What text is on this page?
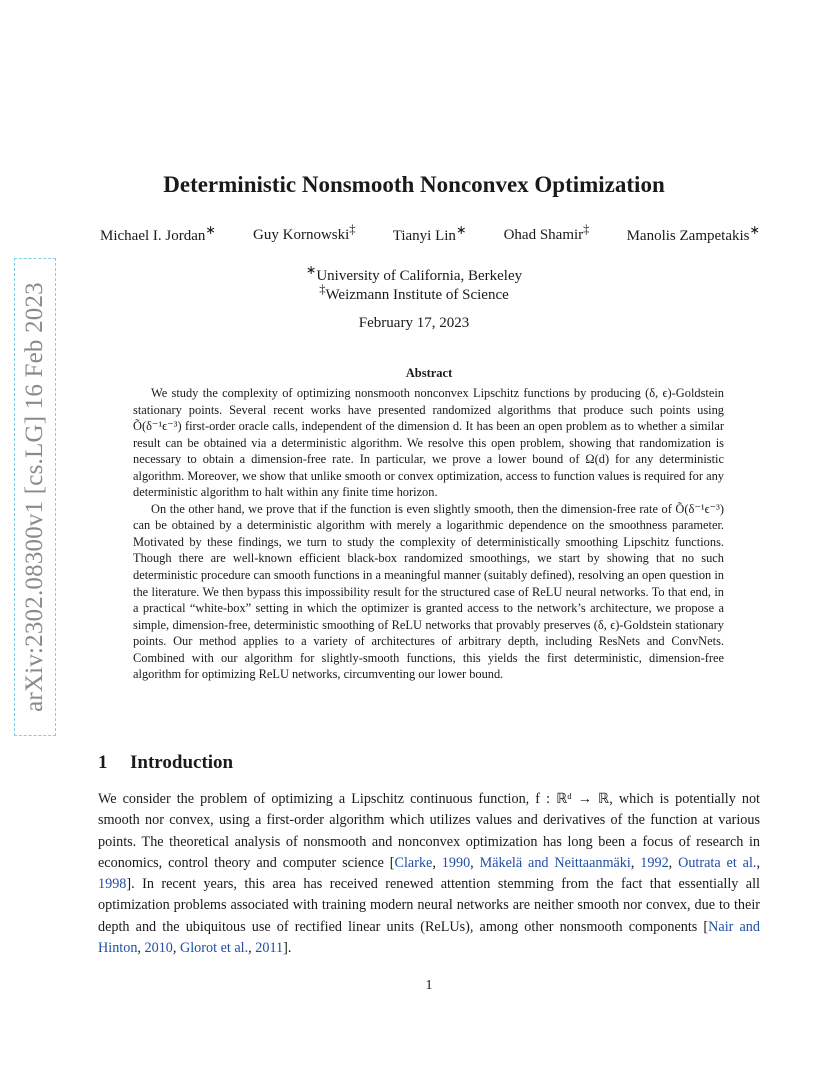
arXiv:2302.08300v1 [cs.LG] 16 Feb 2023
Deterministic Nonsmooth Nonconvex Optimization
Michael I. Jordan∗ Guy Kornowski‡ Tianyi Lin∗ Ohad Shamir‡ Manolis Zampetakis∗
∗University of California, Berkeley
‡Weizmann Institute of Science
February 17, 2023
Abstract

We study the complexity of optimizing nonsmooth nonconvex Lipschitz functions by producing (δ, ϵ)-Goldstein stationary points. Several recent works have presented randomized algorithms that produce such points using Õ(δ⁻¹ϵ⁻³) first-order oracle calls, independent of the dimension d. It has been an open problem as to whether a similar result can be obtained via a deterministic algorithm. We resolve this open problem, showing that randomization is necessary to obtain a dimension-free rate. In particular, we prove a lower bound of Ω(d) for any deterministic algorithm. Moreover, we show that unlike smooth or convex optimization, access to function values is required for any deterministic algorithm to halt within any finite time horizon.

On the other hand, we prove that if the function is even slightly smooth, then the dimension-free rate of Õ(δ⁻¹ϵ⁻³) can be obtained by a deterministic algorithm with merely a logarithmic dependence on the smoothness parameter. Motivated by these findings, we turn to study the complexity of deterministically smoothing Lipschitz functions. Though there are well-known efficient black-box randomized smoothings, we start by showing that no such deterministic procedure can smooth functions in a meaningful manner (suitably defined), resolving an open question in the literature. We then bypass this impossibility result for the structured case of ReLU neural networks. To that end, in a practical “white-box” setting in which the optimizer is granted access to the network’s architecture, we propose a simple, dimension-free, deterministic smoothing of ReLU networks that provably preserves (δ, ϵ)-Goldstein stationary points. Our method applies to a variety of architectures of arbitrary depth, including ResNets and ConvNets. Combined with our algorithm for slightly-smooth functions, this yields the first deterministic, dimension-free algorithm for optimizing ReLU networks, circumventing our lower bound.

1 Introduction

We consider the problem of optimizing a Lipschitz continuous function, f : ℝᵈ → ℝ, which is potentially not smooth nor convex, using a first-order algorithm which utilizes values and derivatives of the function at various points. The theoretical analysis of nonsmooth and nonconvex optimization has long been a focus of research in economics, control theory and computer science [Clarke, 1990, Mäkelä and Neittaanmäki, 1992, Outrata et al., 1998]. In recent years, this area has received renewed attention stemming from the fact that essentially all optimization problems associated with training modern neural networks are neither smooth nor convex, due to their depth and the ubiquitous use of rectified linear units (ReLUs), among other nonsmooth components [Nair and Hinton, 2010, Glorot et al., 2011].

1
